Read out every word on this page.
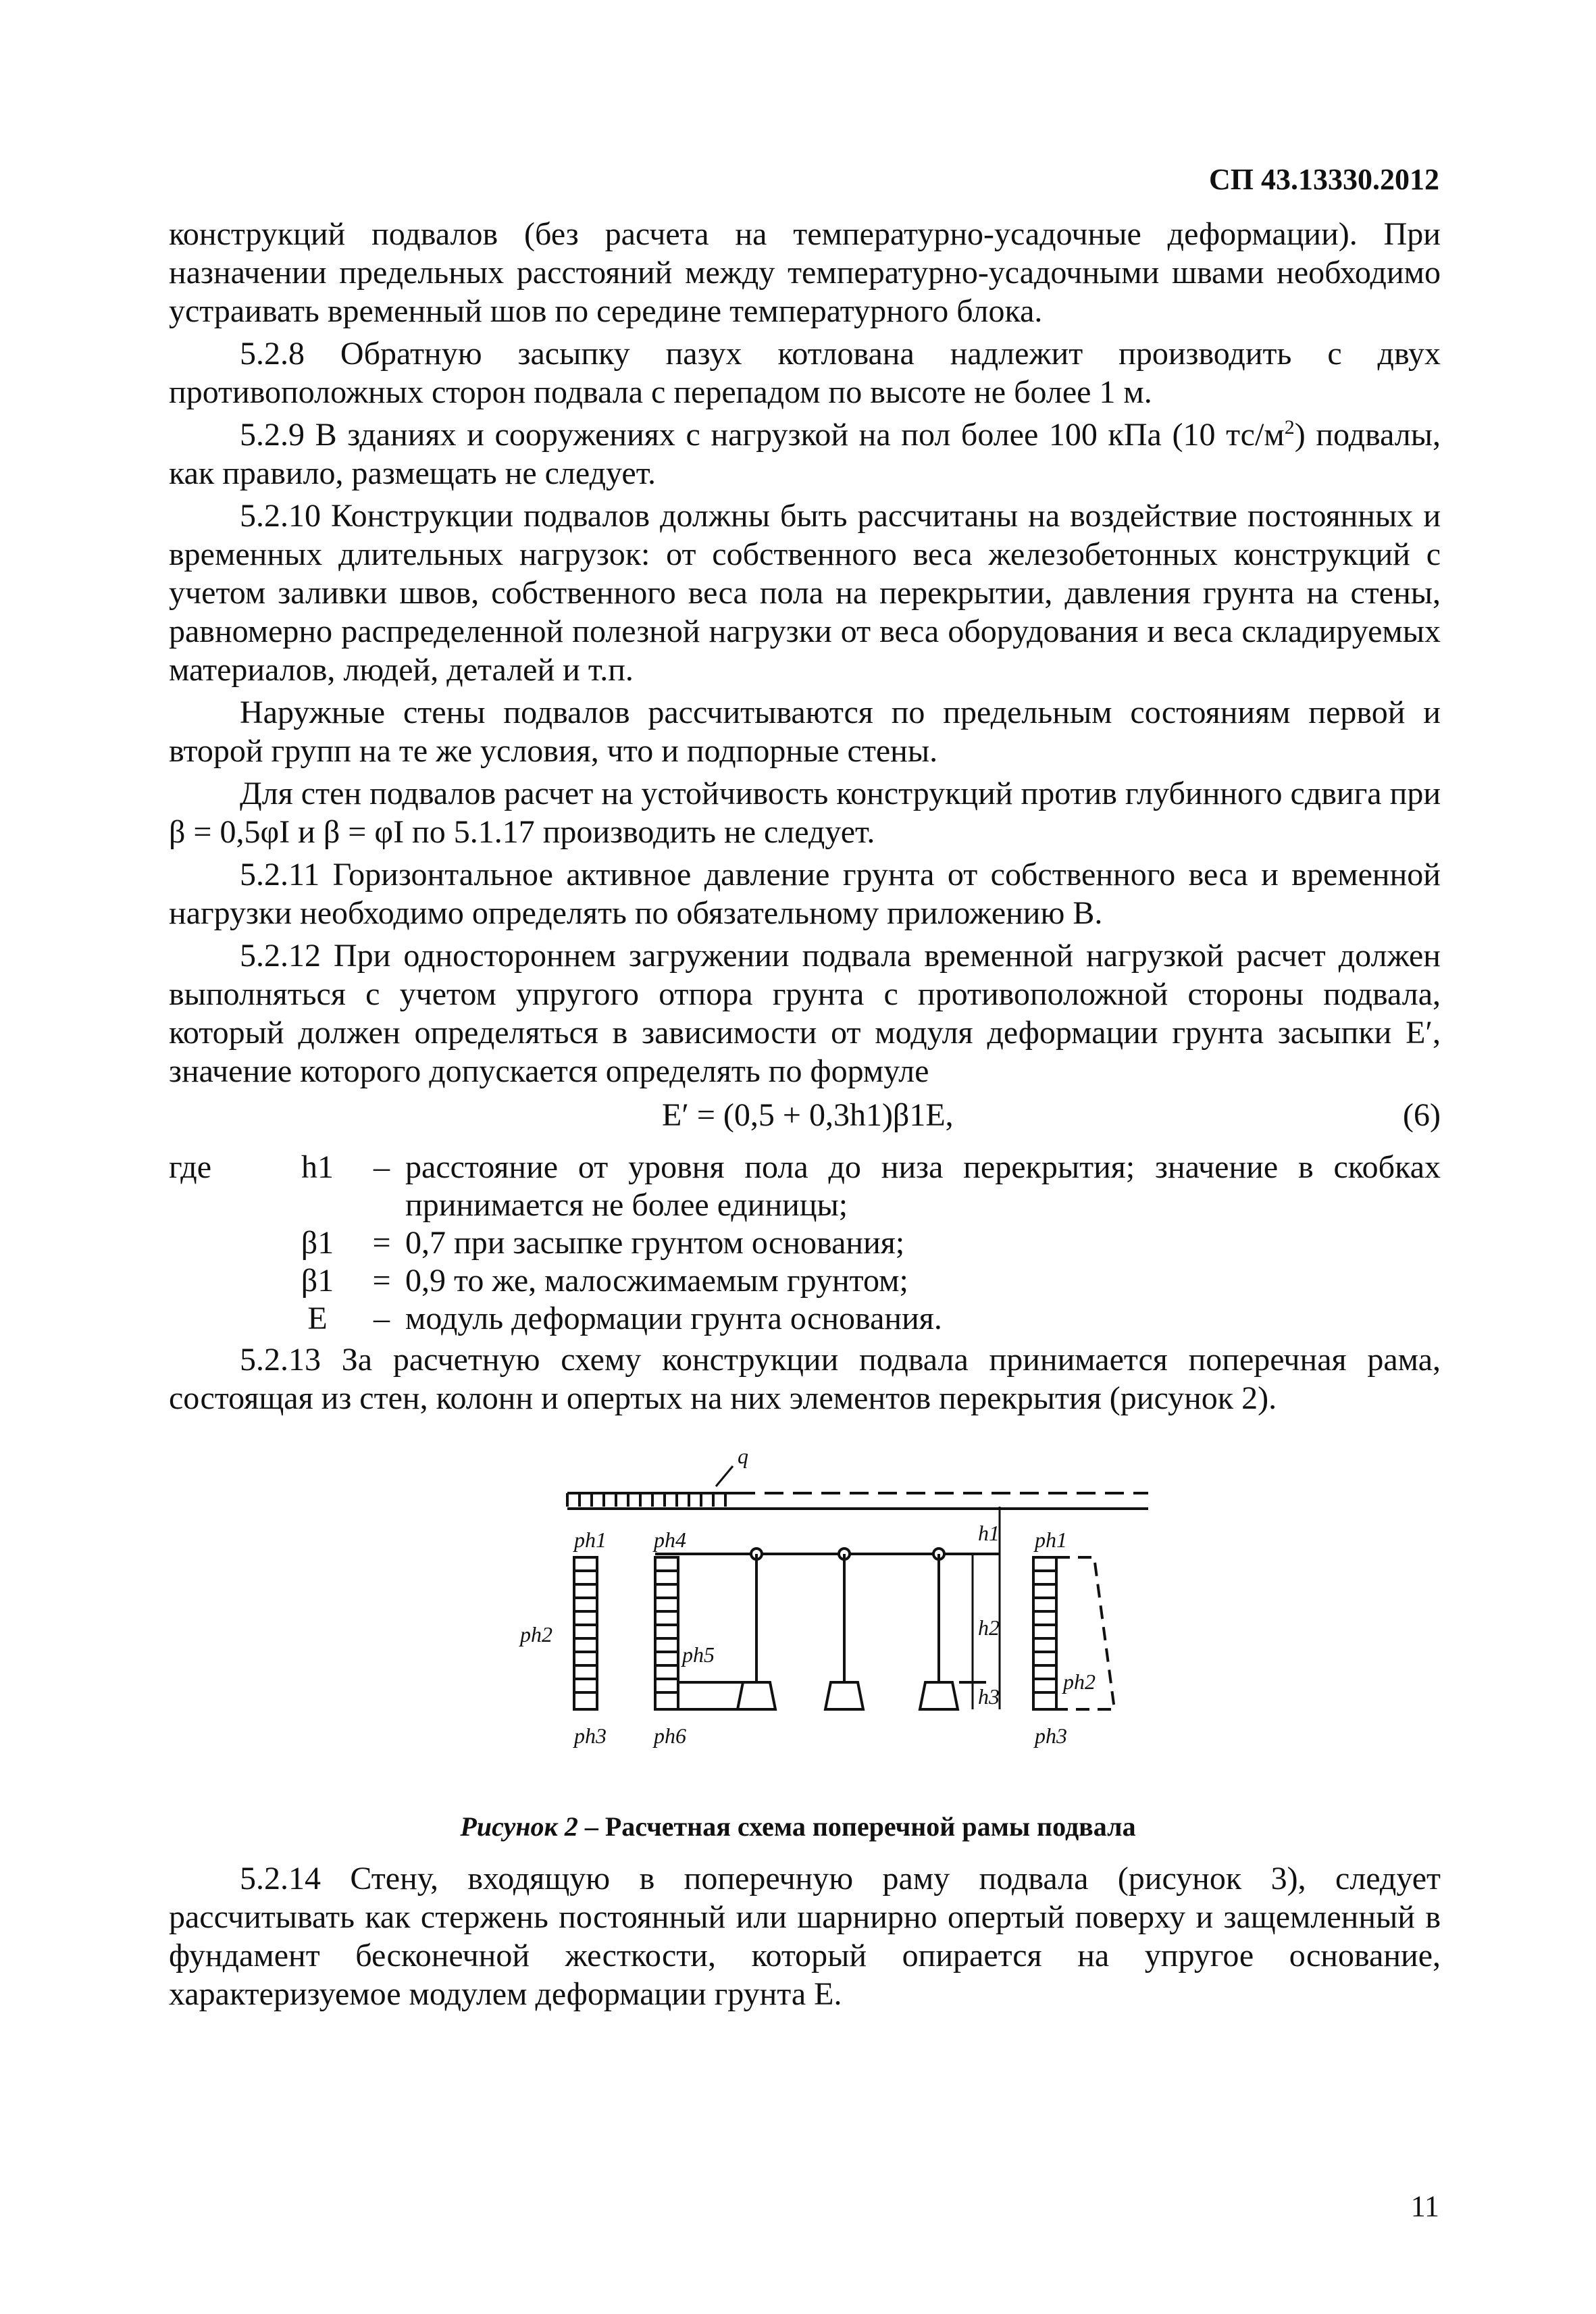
СП 43.13330.2012

конструкций подвалов (без расчета на температурно-усадочные деформации). При назначении предельных расстояний между температурно-усадочными швами необходимо устраивать временный шов по середине температурного блока.

5.2.8 Обратную засыпку пазух котлована надлежит производить с двух противоположных сторон подвала с перепадом по высоте не более 1 м.

5.2.9 В зданиях и сооружениях с нагрузкой на пол более 100 кПа (10 $тс/м^2$) подвалы, как правило, размещать не следует.

5.2.10 Конструкции подвалов должны быть рассчитаны на воздействие постоянных и временных длительных нагрузок: от собственного веса железобетонных конструкций с учетом заливки швов, собственного веса пола на перекрытии, давления грунта на стены, равномерно распределенной полезной нагрузки от веса оборудования и веса складируемых материалов, людей, деталей и т.п.

Наружные стены подвалов рассчитываются по предельным состояниям первой и второй групп на те же условия, что и подпорные стены.

Для стен подвалов расчет на устойчивость конструкций против глубинного сдвига при β = 0,5φI и β = φI по 5.1.17 производить не следует.

5.2.11 Горизонтальное активное давление грунта от собственного веса и временной нагрузки необходимо определять по обязательному приложению В.

5.2.12 При одностороннем загружении подвала временной нагрузкой расчет должен выполняться с учетом упругого отпора грунта с противоположной стороны подвала, который должен определяться в зависимости от модуля деформации грунта засыпки E′, значение которого допускается определять по формуле

E′ = (0,5 + 0,3h1)β1E,	(6)
где	h1	–	расстояние от уровня пола до низа перекрытия; значение в скобках принимается не более единицы;
	β1	=	0,7 при засыпке грунтом основания;
	β1	=	0,9 то же, малосжимаемым грунтом;
	E	–	модуль деформации грунта основания.

5.2.13 За расчетную схему конструкции подвала принимается поперечная рама, состоящая из стен, колонн и опертых на них элементов перекрытия (рисунок 2).

q
ph1 ph4	ph1
h1
h2
h3
ph2
ph5
ph2
ph3 ph6	ph3
Рисунок 2 – Расчетная схема поперечной рамы подвала

5.2.14 Стену, входящую в поперечную раму подвала (рисунок 3), следует рассчитывать как стержень постоянный или шарнирно опертый поверху и защемленный в фундамент бесконечной жесткости, который опирается на упругое основание, характеризуемое модулем деформации грунта E.

11
